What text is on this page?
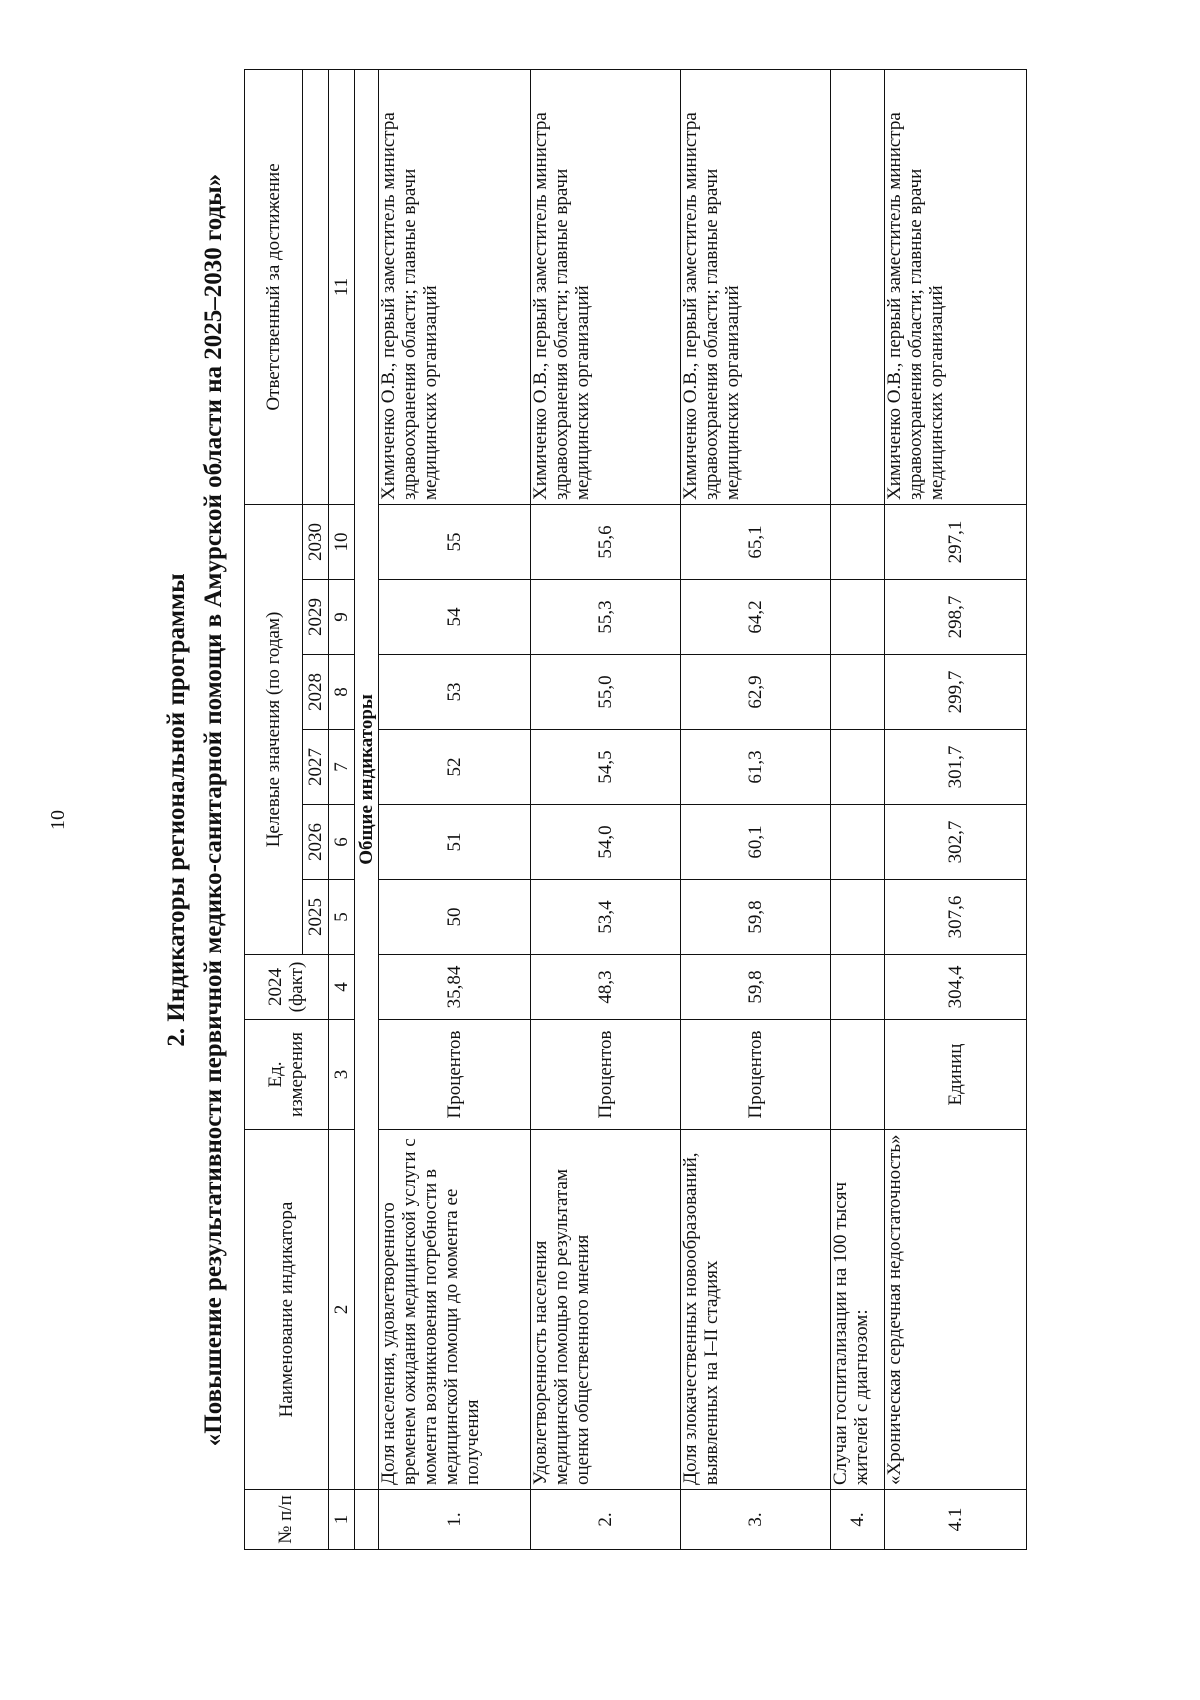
10	2. Индикаторы региональной программы «Повышение результативности первичной медико-санитарной помощи в Амурской области на 2025–2030 годы»
№ п/п	Наименование индикатора	Ед. измерения	2024 (факт)	Целевые значения (по годам)						Ответственный за достижение
				2025	2026	2027	2028	2029	2030	
1	2	3	4	5	6	7	8	9	10	11
	Общие индикаторы									
1.	Доля населения, удовлетворенного временем ожидания медицинской услуги с момента возникновения потребности в медицинской помощи до момента ее получения	Процентов	35,84	50	51	52	53	54	55	Химиченко О.В., первый заместитель министра здравоохранения области; главные врачи медицинских организаций
2.	Удовлетворенность населения медицинской помощью по результатам оценки общественного мнения	Процентов	48,3	53,4	54,0	54,5	55,0	55,3	55,6	Химиченко О.В., первый заместитель министра здравоохранения области; главные врачи медицинских организаций
3.	Доля злокачественных новообразований, выявленных на I–II стадиях	Процентов	59,8	59,8	60,1	61,3	62,9	64,2	65,1	Химиченко О.В., первый заместитель министра здравоохранения области; главные врачи медицинских организаций
4.	Случаи госпитализации на 100 тысяч жителей с диагнозом:									
4.1	«Хроническая сердечная недостаточность»	Единиц	304,4	307,6	302,7	301,7	299,7	298,7	297,1	Химиченко О.В., первый заместитель министра здравоохранения области; главные врачи медицинских организаций
